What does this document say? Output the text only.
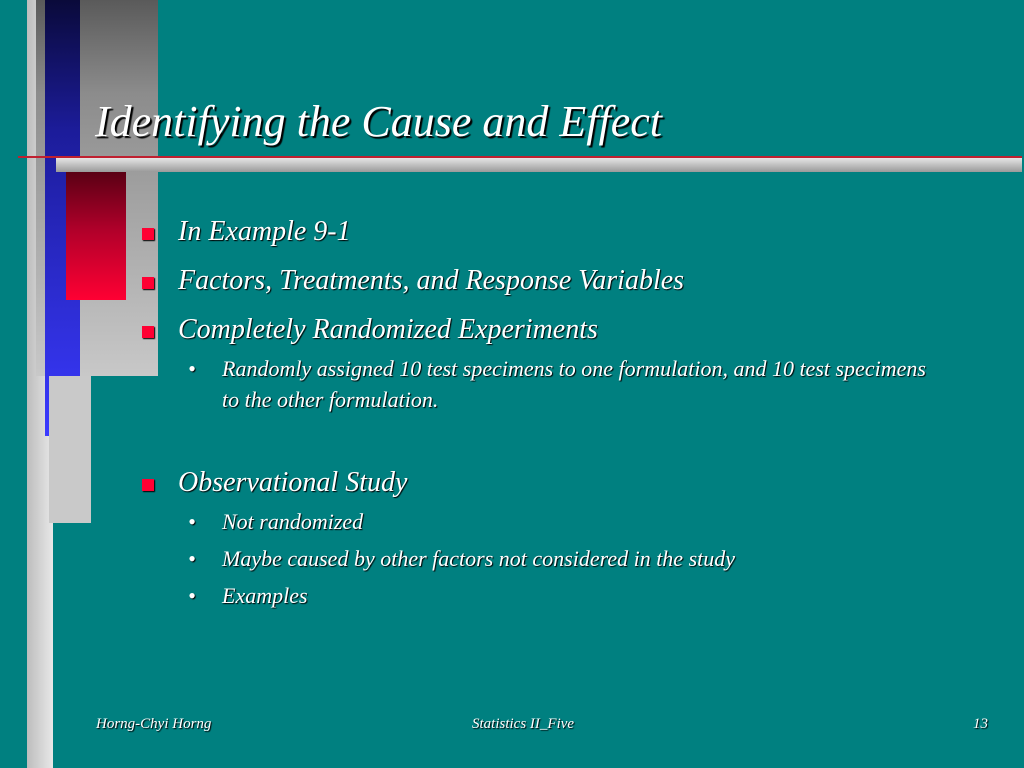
Identifying the Cause and Effect
In Example 9-1
Factors, Treatments, and Response Variables
Completely Randomized Experiments
• Randomly assigned 10 test specimens to one formulation, and 10 test specimens to the other formulation.
Observational Study
• Not randomized
• Maybe caused by other factors not considered in the study
• Examples

Horng-Chyi Horng	Statistics II_Five	13
